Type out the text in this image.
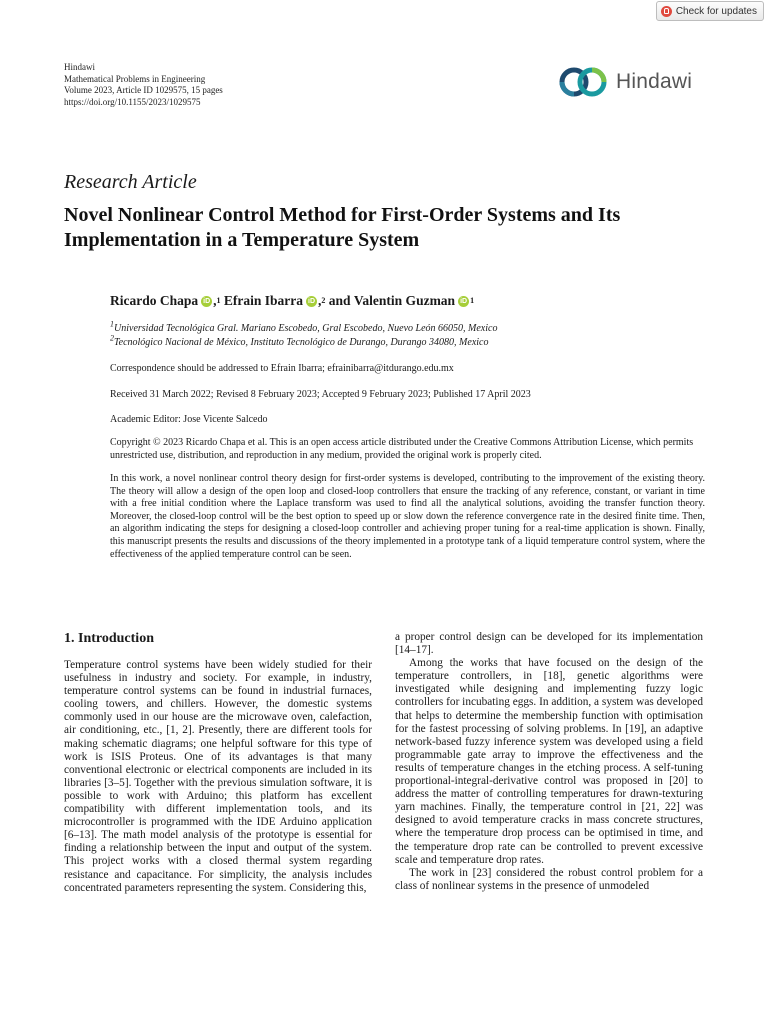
Check for updates
Hindawi
Mathematical Problems in Engineering
Volume 2023, Article ID 1029575, 15 pages
https://doi.org/10.1155/2023/1029575
Hindawi
Research Article
Novel Nonlinear Control Method for First-Order Systems and Its Implementation in a Temperature System
Ricardo Chapa iD , 1
Efrain Ibarra iD , 2
and
Valentin Guzman iD 1
$^1$Universidad Tecnológica Gral. Mariano Escobedo, Gral Escobedo, Nuevo León 66050, Mexico
$^2$Tecnológico Nacional de México, Instituto Tecnológico de Durango, Durango 34080, Mexico
Correspondence should be addressed to Efrain Ibarra; efrainibarra@itdurango.edu.mx
Received 31 March 2022; Revised 8 February 2023; Accepted 9 February 2023; Published 17 April 2023
Academic Editor: Jose Vicente Salcedo
Copyright © 2023 Ricardo Chapa et al. This is an open access article distributed under the Creative Commons Attribution License, which permits unrestricted use, distribution, and reproduction in any medium, provided the original work is properly cited.
In this work, a novel nonlinear control theory design for first-order systems is developed, contributing to the improvement of the existing theory. The theory will allow a design of the open loop and closed-loop controllers that ensure the tracking of any reference, constant, or variant in time with a free initial condition where the Laplace transform was used to find all the analytical solutions, avoiding the transfer function theory. Moreover, the closed-loop control will be the best option to speed up or slow down the reference convergence rate in the desired finite time. Then, an algorithm indicating the steps for designing a closed-loop controller and achieving proper tuning for a real-time application is shown. Finally, this manuscript presents the results and discussions of the theory implemented in a prototype tank of a liquid temperature control system, where the effectiveness of the applied temperature control can be seen.
1. Introduction

Temperature control systems have been widely studied for their usefulness in industry and society. For example, in industry, temperature control systems can be found in industrial furnaces, cooling towers, and chillers. However, the domestic systems commonly used in our house are the microwave oven, calefaction, air conditioning, etc., [1, 2]. Presently, there are different tools for making schematic diagrams; one helpful software for this type of work is ISIS Proteus. One of its advantages is that many conventional electronic or electrical components are included in its libraries [3–5]. Together with the previous simulation software, it is possible to work with Arduino; this platform has excellent compatibility with different implementation tools, and its microcontroller is programmed with the IDE Arduino application [6–13]. The math model analysis of the prototype is essential for finding a relationship between the input and output of the system. This project works with a closed thermal system regarding resistance and capacitance. For simplicity, the analysis includes concentrated parameters representing the system. Considering this,

a proper control design can be developed for its implementation [14–17].

Among the works that have focused on the design of the temperature controllers, in [18], genetic algorithms were investigated while designing and implementing fuzzy logic controllers for incubating eggs. In addition, a system was developed that helps to determine the membership function with optimisation for the fastest processing of solving problems. In [19], an adaptive network-based fuzzy inference system was developed using a field programmable gate array to improve the effectiveness and the results of temperature changes in the etching process. A self-tuning proportional-integral-derivative control was proposed in [20] to address the matter of controlling temperatures for drawn-texturing yarn machines. Finally, the temperature control in [21, 22] was designed to avoid temperature cracks in mass concrete structures, where the temperature drop process can be optimised in time, and the temperature drop rate can be controlled to prevent excessive scale and temperature drop rates.

The work in [23] considered the robust control problem for a class of nonlinear systems in the presence of unmodeled
